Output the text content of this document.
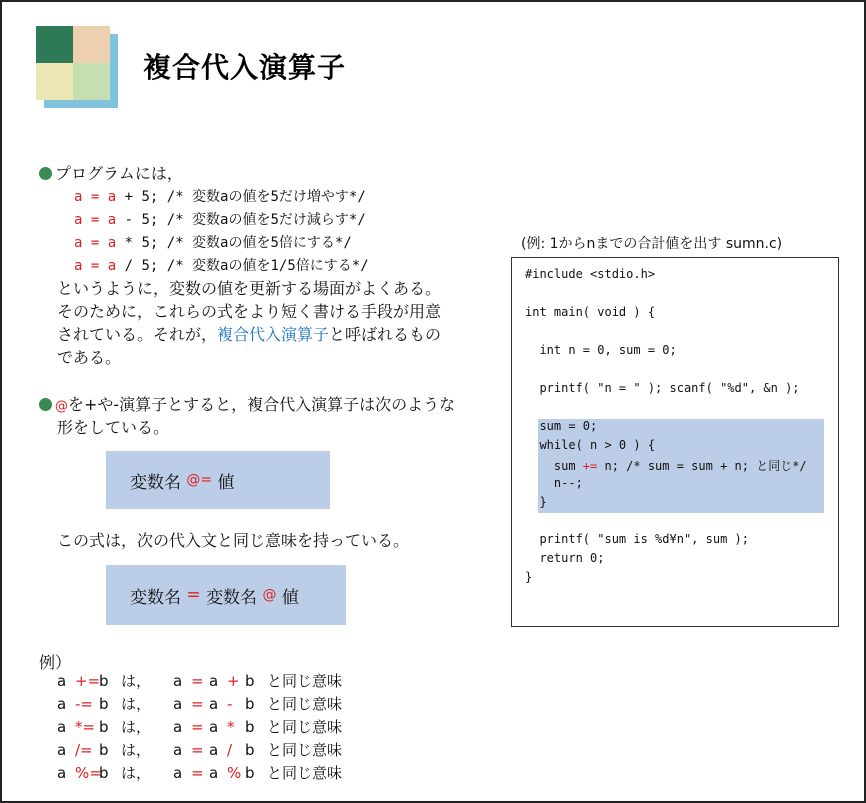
複合代入演算子
プログラムには，
a = a + 5; /* 変数aの値を5だけ増やす*/
a = a - 5; /* 変数aの値を5だけ減らす*/
a = a * 5; /* 変数aの値を5倍にする*/
a = a / 5; /* 変数aの値を1/5倍にする*/
というように，変数の値を更新する場面がよくある。
そのために，これらの式をより短く書ける手段が用意
されている。それが，複合代入演算子と呼ばれるもの
である。
@を+や-演算子とすると，複合代入演算子は次のような
形をしている。
変数名
@=
値
この式は，次の代入文と同じ意味を持っている。
変数名
=
変数名
@
値
例）
a +=b は， a = a + b と同じ意味
a -= b は， a = a - b と同じ意味
a *= b は， a = a * b と同じ意味
a /= b は， a = a / b と同じ意味
a %=b は， a = a % b と同じ意味
(例: 1からnまでの合計値を出す sumn.c)
#include <stdio.h>
int main( void ) {
int n = 0, sum = 0;
printf( "n = " ); scanf( "%d", &n );
sum = 0;
while( n > 0 ) {
sum += n; /* sum = sum + n; と同じ*/
n--;
}
printf( "sum is %d¥n", sum );
return 0;
}
